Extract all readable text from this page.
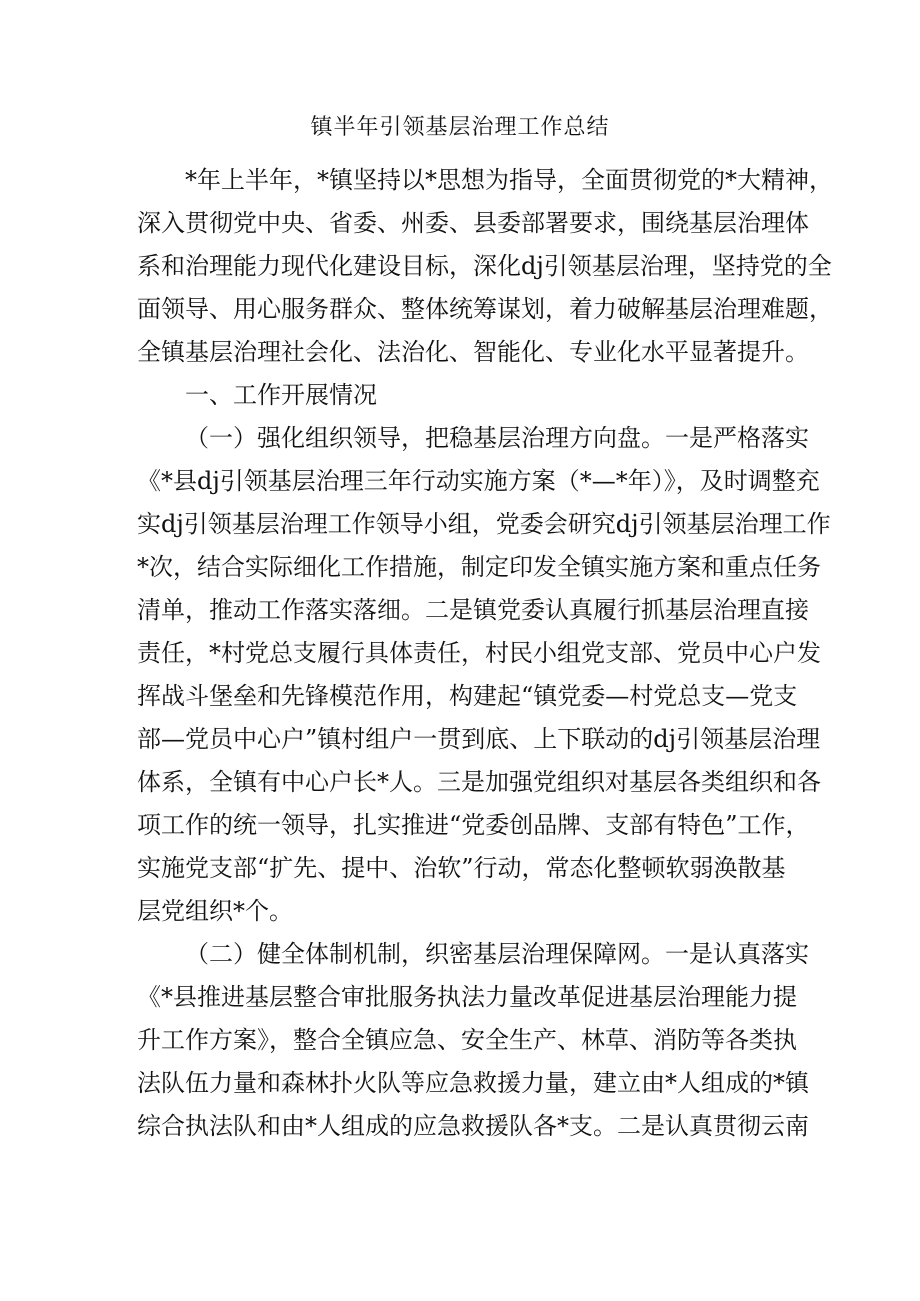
镇半年引领基层治理工作总结
*年上半年，*镇坚持以*思想为指导，全面贯彻党的*大精神，
深入贯彻党中央、省委、州委、县委部署要求，围绕基层治理体
系和治理能力现代化建设目标，深化dj引领基层治理，坚持党的全
面领导、用心服务群众、整体统筹谋划，着力破解基层治理难题，
全镇基层治理社会化、法治化、智能化、专业化水平显著提升。
一、工作开展情况
（一）强化组织领导，把稳基层治理方向盘。一是严格落实
《*县dj引领基层治理三年行动实施方案（*—*年）》，及时调整充
实dj引领基层治理工作领导小组，党委会研究dj引领基层治理工作
*次，结合实际细化工作措施，制定印发全镇实施方案和重点任务
清单，推动工作落实落细。二是镇党委认真履行抓基层治理直接
责任，*村党总支履行具体责任，村民小组党支部、党员中心户发
挥战斗堡垒和先锋模范作用，构建起“镇党委—村党总支—党支
部—党员中心户”镇村组户一贯到底、上下联动的dj引领基层治理
体系，全镇有中心户长*人。三是加强党组织对基层各类组织和各
项工作的统一领导，扎实推进“党委创品牌、支部有特色”工作，
实施党支部“扩先、提中、治软”行动，常态化整顿软弱涣散基
层党组织*个。
（二）健全体制机制，织密基层治理保障网。一是认真落实
《*县推进基层整合审批服务执法力量改革促进基层治理能力提
升工作方案》，整合全镇应急、安全生产、林草、消防等各类执
法队伍力量和森林扑火队等应急救援力量，建立由*人组成的*镇
综合执法队和由*人组成的应急救援队各*支。二是认真贯彻云南
